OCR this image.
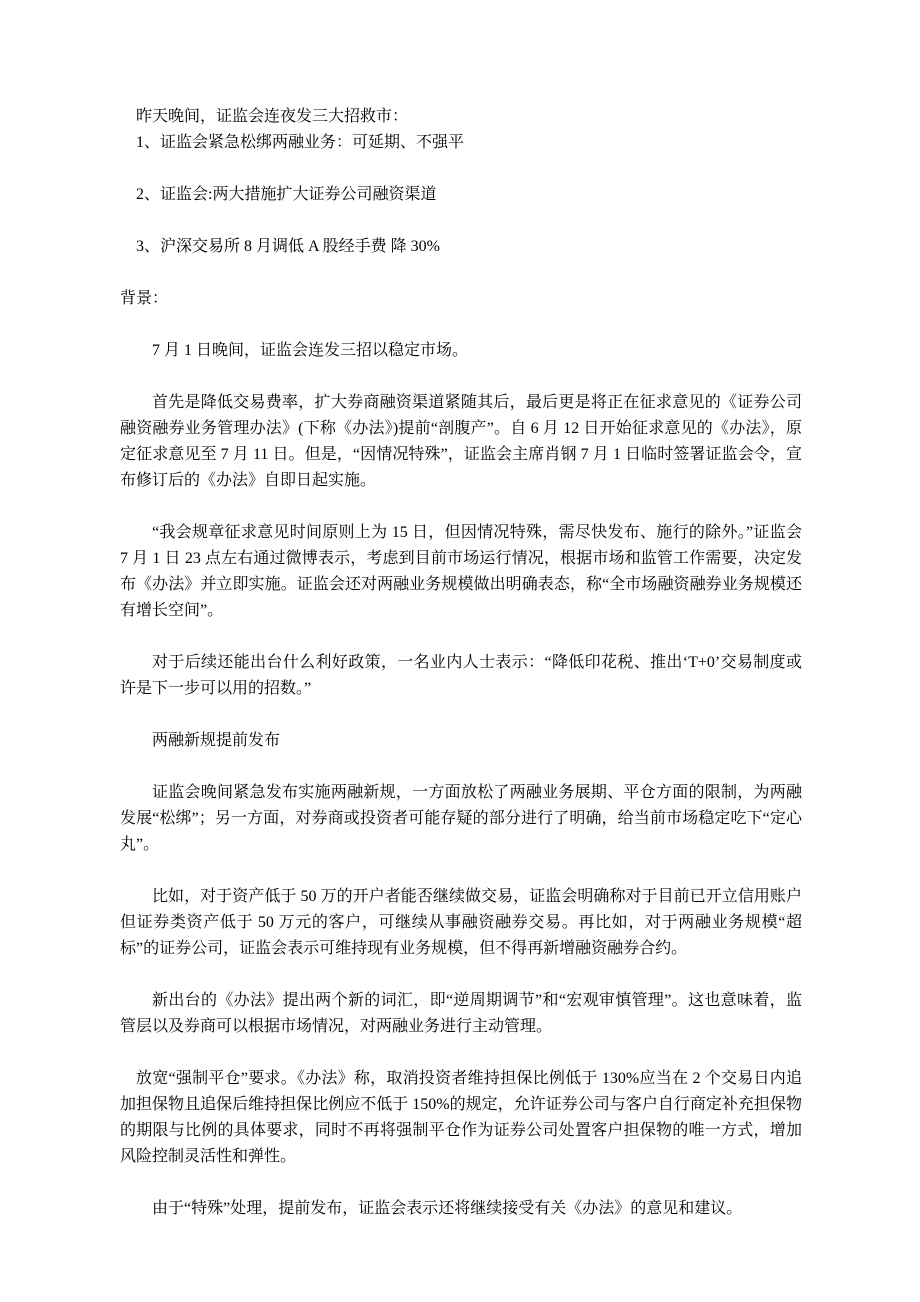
昨天晚间，证监会连夜发三大招救市：

1、证监会紧急松绑两融业务：可延期、不强平

2、证监会:两大措施扩大证券公司融资渠道

3、沪深交易所 8 月调低 A 股经手费 降 30%

背景：

7 月 1 日晚间，证监会连发三招以稳定市场。

首先是降低交易费率，扩大券商融资渠道紧随其后，最后更是将正在征求意见的《证券公司融资融券业务管理办法》(下称《办法》)提前“剖腹产”。自 6 月 12 日开始征求意见的《办法》，原定征求意见至 7 月 11 日。但是，“因情况特殊”，证监会主席肖钢 7 月 1 日临时签署证监会令，宣布修订后的《办法》自即日起实施。

“我会规章征求意见时间原则上为 15 日，但因情况特殊，需尽快发布、施行的除外。”证监会 7 月 1 日 23 点左右通过微博表示，考虑到目前市场运行情况，根据市场和监管工作需要，决定发布《办法》并立即实施。证监会还对两融业务规模做出明确表态，称“全市场融资融券业务规模还有增长空间”。

对于后续还能出台什么利好政策，一名业内人士表示：“降低印花税、推出‘T+0’交易制度或许是下一步可以用的招数。”

两融新规提前发布

证监会晚间紧急发布实施两融新规，一方面放松了两融业务展期、平仓方面的限制，为两融发展“松绑”；另一方面，对券商或投资者可能存疑的部分进行了明确，给当前市场稳定吃下“定心丸”。

比如，对于资产低于 50 万的开户者能否继续做交易，证监会明确称对于目前已开立信用账户但证券类资产低于 50 万元的客户，可继续从事融资融券交易。再比如，对于两融业务规模“超标”的证券公司，证监会表示可维持现有业务规模，但不得再新增融资融券合约。

新出台的《办法》提出两个新的词汇，即“逆周期调节”和“宏观审慎管理”。这也意味着，监管层以及券商可以根据市场情况，对两融业务进行主动管理。

放宽“强制平仓”要求。《办法》称，取消投资者维持担保比例低于 130%应当在 2 个交易日内追加担保物且追保后维持担保比例应不低于 150%的规定，允许证券公司与客户自行商定补充担保物的期限与比例的具体要求，同时不再将强制平仓作为证券公司处置客户担保物的唯一方式，增加风险控制灵活性和弹性。

由于“特殊”处理，提前发布，证监会表示还将继续接受有关《办法》的意见和建议。
